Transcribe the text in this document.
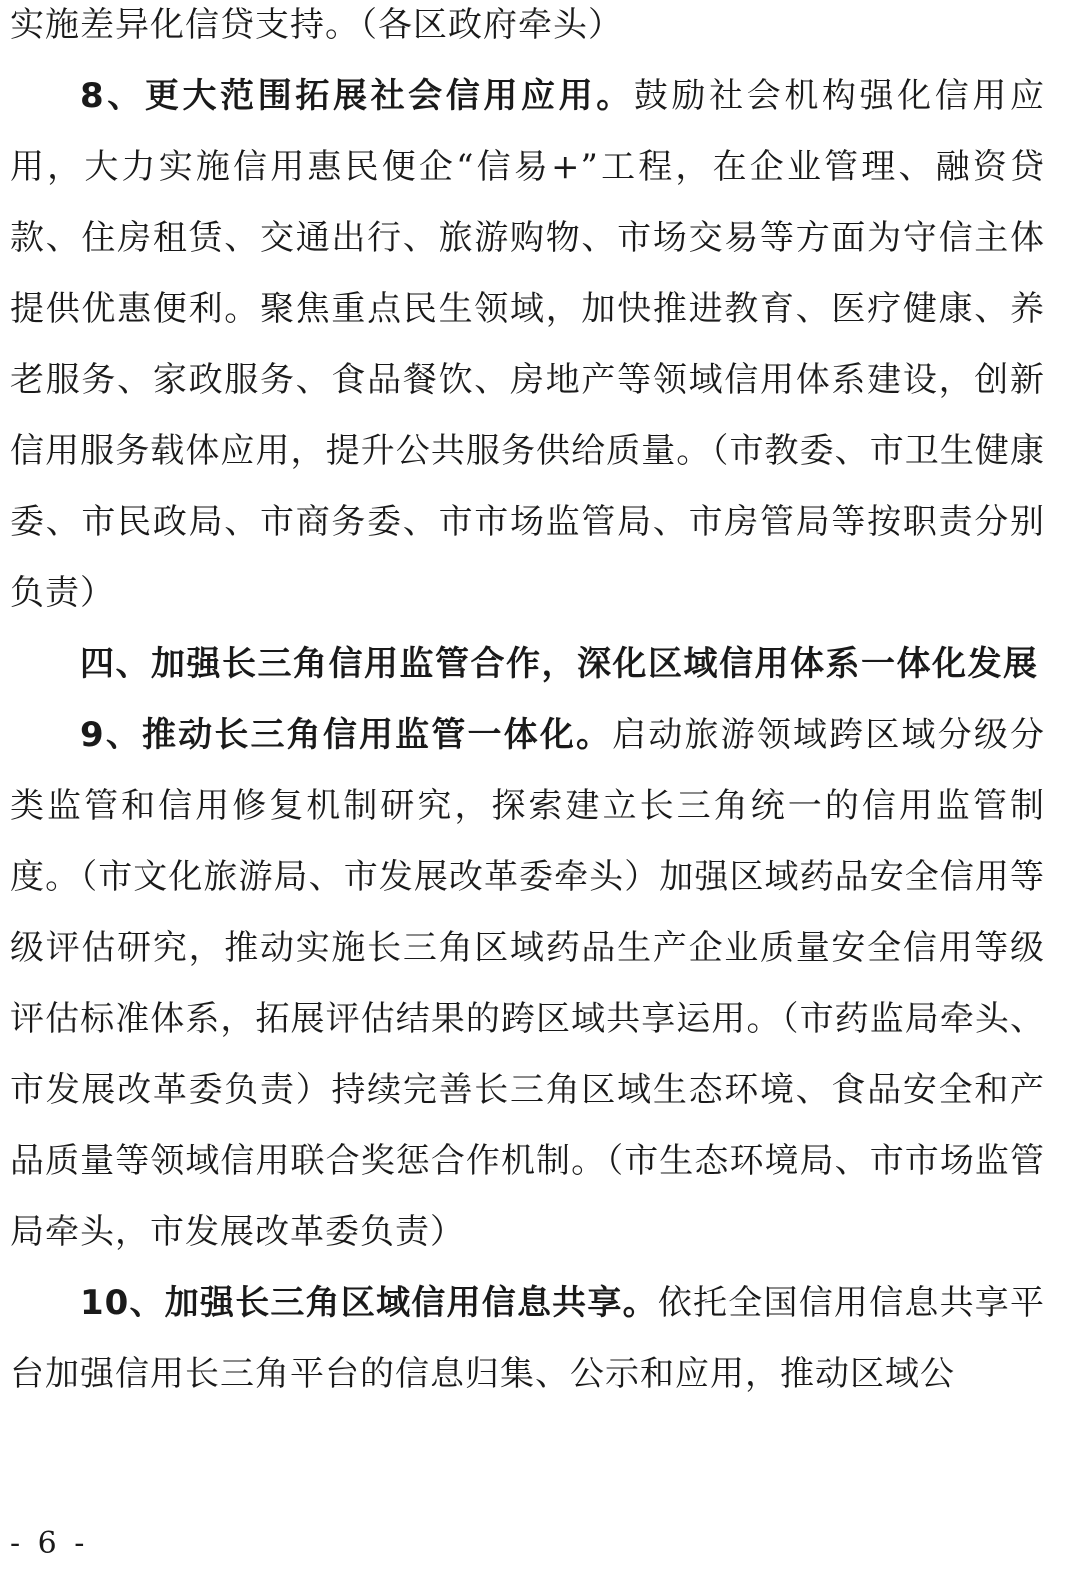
实施差异化信贷支持。（各区政府牵头）

8、更大范围拓展社会信用应用。鼓励社会机构强化信用应用，大力实施信用惠民便企“信易+”工程，在企业管理、融资贷款、住房租赁、交通出行、旅游购物、市场交易等方面为守信主体提供优惠便利。聚焦重点民生领域，加快推进教育、医疗健康、养老服务、家政服务、食品餐饮、房地产等领域信用体系建设，创新信用服务载体应用，提升公共服务供给质量。（市教委、市卫生健康委、市民政局、市商务委、市市场监管局、市房管局等按职责分别负责）

四、加强长三角信用监管合作，深化区域信用体系一体化发展

9、推动长三角信用监管一体化。启动旅游领域跨区域分级分类监管和信用修复机制研究，探索建立长三角统一的信用监管制度。（市文化旅游局、市发展改革委牵头）加强区域药品安全信用等级评估研究，推动实施长三角区域药品生产企业质量安全信用等级评估标准体系，拓展评估结果的跨区域共享运用。（市药监局牵头、市发展改革委负责）持续完善长三角区域生态环境、食品安全和产品质量等领域信用联合奖惩合作机制。（市生态环境局、市市场监管局牵头，市发展改革委负责）

10、加强长三角区域信用信息共享。依托全国信用信息共享平台加强信用长三角平台的信息归集、公示和应用，推动区域公

- 6 -
